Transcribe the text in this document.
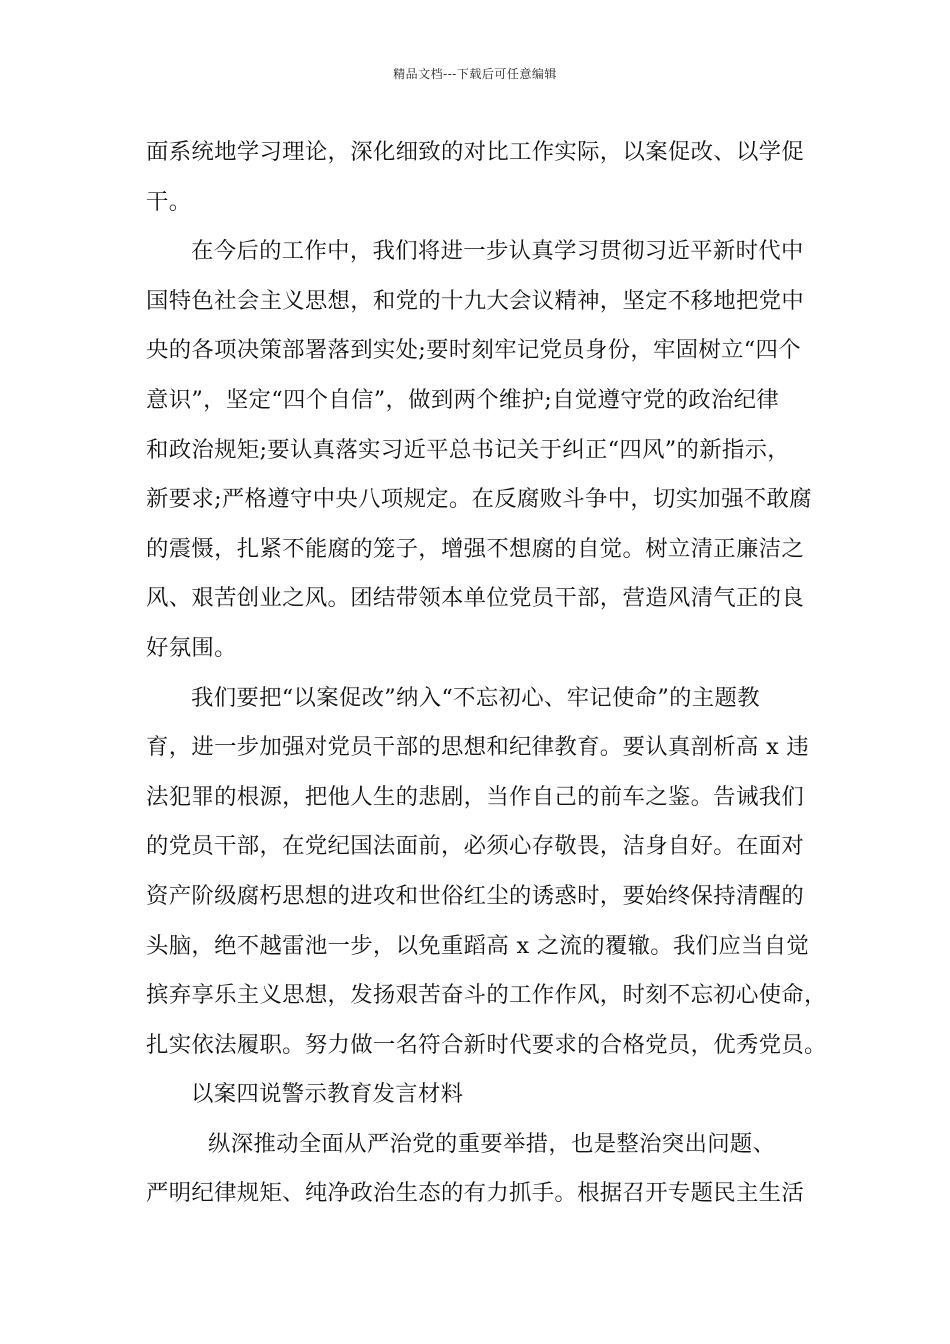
精品文档---下载后可任意编辑
面系统地学习理论，深化细致的对比工作实际，以案促改、以学促
干。
在今后的工作中，我们将进一步认真学习贯彻习近平新时代中
国特色社会主义思想，和党的十九大会议精神，坚定不移地把党中
央的各项决策部署落到实处;要时刻牢记党员身份，牢固树立“四个
意识”，坚定“四个自信”，做到两个维护;自觉遵守党的政治纪律
和政治规矩;要认真落实习近平总书记关于纠正“四风”的新指示，
新要求;严格遵守中央八项规定。在反腐败斗争中，切实加强不敢腐
的震慑，扎紧不能腐的笼子，增强不想腐的自觉。树立清正廉洁之
风、艰苦创业之风。团结带领本单位党员干部，营造风清气正的良
好氛围。
我们要把“以案促改”纳入“不忘初心、牢记使命”的主题教
育，进一步加强对党员干部的思想和纪律教育。要认真剖析高 x 违
法犯罪的根源，把他人生的悲剧，当作自己的前车之鉴。告诫我们
的党员干部，在党纪国法面前，必须心存敬畏，洁身自好。在面对
资产阶级腐朽思想的进攻和世俗红尘的诱惑时，要始终保持清醒的
头脑，绝不越雷池一步，以免重蹈高 x 之流的覆辙。我们应当自觉
摈弃享乐主义思想，发扬艰苦奋斗的工作作风，时刻不忘初心使命，
扎实依法履职。努力做一名符合新时代要求的合格党员，优秀党员。
以案四说警示教育发言材料
纵深推动全面从严治党的重要举措，也是整治突出问题、
严明纪律规矩、纯净政治生态的有力抓手。根据召开专题民主生活
